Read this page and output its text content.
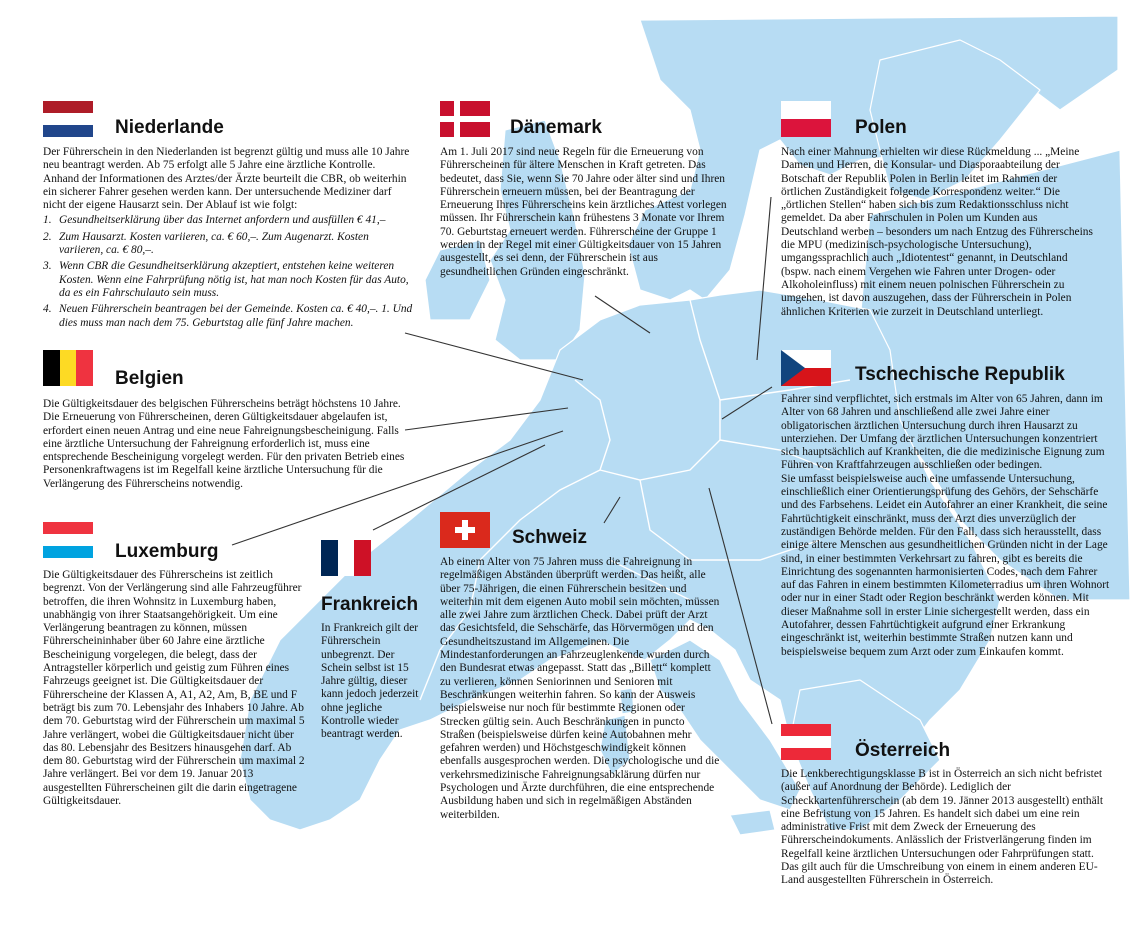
Niederlande

Der Führerschein in den Niederlanden ist begrenzt gültig und muss alle 10 Jahre neu beantragt werden. Ab 75 erfolgt alle 5 Jahre eine ärztliche Kontrolle. Anhand der Informationen des Arztes/der Ärzte beurteilt die CBR, ob weiterhin ein sicherer Fahrer gesehen werden kann. Der untersuchende Mediziner darf nicht der eigene Hausarzt sein. Der Ablauf ist wie folgt:

1. Gesundheitserklärung über das Internet anfordern und ausfüllen € 41,–
2. Zum Hausarzt. Kosten variieren, ca. € 60,–. Zum Augenarzt. Kosten variieren, ca. € 80,–.
3. Wenn CBR die Gesundheitserklärung akzeptiert, entstehen keine weiteren Kosten. Wenn eine Fahrprüfung nötig ist, hat man noch Kosten für das Auto, da es ein Fahrschulauto sein muss.
4. Neuen Führerschein beantragen bei der Gemeinde. Kosten ca. € 40,–. 1. Und dies muss man nach dem 75. Geburtstag alle fünf Jahre machen.
Belgien
Die Gültigkeitsdauer des belgischen Führerscheins beträgt höchstens 10 Jahre. Die Erneuerung von Führerscheinen, deren Gültigkeitsdauer abgelaufen ist, erfordert einen neuen Antrag und eine neue Fahreignungsbescheinigung. Falls eine ärztliche Untersuchung der Fahreignung erforderlich ist, muss eine entsprechende Bescheinigung vorgelegt werden. Für den privaten Betrieb eines Personenkraftwagens ist im Regelfall keine ärztliche Untersuchung für die Verlängerung des Führerscheins notwendig.
Luxemburg
Die Gültigkeitsdauer des Führerscheins ist zeitlich begrenzt. Von der Verlängerung sind alle Fahrzeugführer betroffen, die ihren Wohnsitz in Luxemburg haben, unabhängig von ihrer Staatsangehörigkeit. Um eine Verlängerung beantragen zu können, müssen Führerscheininhaber über 60 Jahre eine ärztliche Bescheinigung vorgelegen, die belegt, dass der Antragsteller körperlich und geistig zum Führen eines Fahrzeugs geeignet ist. Die Gültigkeitsdauer der Führerscheine der Klassen A, A1, A2, Am, B, BE und F beträgt bis zum 70. Lebensjahr des Inhabers 10 Jahre. Ab dem 70. Geburtstag wird der Führerschein um maximal 5 Jahre verlängert, wobei die Gültigkeitsdauer nicht über das 80. Lebensjahr des Besitzers hinausgehen darf. Ab dem 80. Geburtstag wird der Führerschein um maximal 2 Jahre verlängert. Bei vor dem 19. Januar 2013 ausgestellten Führerscheinen gilt die darin eingetragene Gültigkeitsdauer.
Frankreich
In Frankreich gilt der Führerschein unbegrenzt. Der Schein selbst ist 15 Jahre gültig, dieser kann jedoch jederzeit ohne jegliche Kontrolle wieder beantragt werden.
Dänemark
Am 1. Juli 2017 sind neue Regeln für die Erneuerung von Führerscheinen für ältere Menschen in Kraft getreten. Das bedeutet, dass Sie, wenn Sie 70 Jahre oder älter sind und Ihren Führerschein erneuern müssen, bei der Beantragung der Erneuerung Ihres Führerscheins kein ärztliches Attest vorlegen müssen. Ihr Führerschein kann frühestens 3 Monate vor Ihrem 70. Geburtstag erneuert werden. Führerscheine der Gruppe 1 werden in der Regel mit einer Gültigkeitsdauer von 15 Jahren ausgestellt, es sei denn, der Führerschein ist aus gesundheitlichen Gründen eingeschränkt.
Schweiz
Ab einem Alter von 75 Jahren muss die Fahreignung in regelmäßigen Abständen überprüft werden. Das heißt, alle über 75-Jährigen, die einen Führerschein besitzen und weiterhin mit dem eigenen Auto mobil sein möchten, müssen alle zwei Jahre zum ärztlichen Check. Dabei prüft der Arzt das Gesichtsfeld, die Sehschärfe, das Hörvermögen und den Gesundheitszustand im Allgemeinen. Die Mindestanforderungen an Fahrzeuglenkende wurden durch den Bundesrat etwas angepasst. Statt das „Billett“ komplett zu verlieren, können Seniorinnen und Senioren mit Beschränkungen weiterhin fahren. So kann der Ausweis beispielsweise nur noch für bestimmte Regionen oder Strecken gültig sein. Auch Beschränkungen in puncto Straßen (beispielsweise dürfen keine Autobahnen mehr gefahren werden) und Höchstgeschwindigkeit können ebenfalls ausgesprochen werden. Die psychologische und die verkehrsmedizinische Fahreignungsabklärung dürfen nur Psychologen und Ärzte durchführen, die eine entsprechende Ausbildung haben und sich in regelmäßigen Abständen weiterbilden.
Polen
Nach einer Mahnung erhielten wir diese Rückmeldung ... „Meine Damen und Herren, die Konsular- und Diasporaabteilung der Botschaft der Republik Polen in Berlin leitet im Rahmen der örtlichen Zuständigkeit folgende Korrespondenz weiter.“ Die „örtlichen Stellen“ haben sich bis zum Redaktionsschluss nicht gemeldet. Da aber Fahrschulen in Polen um Kunden aus Deutschland werben – besonders um nach Entzug des Führerscheins die MPU (medizinisch-psychologische Untersuchung), umgangssprachlich auch „Idiotentest“ genannt, in Deutschland (bspw. nach einem Vergehen wie Fahren unter Drogen- oder Alkoholeinfluss) mit einem neuen polnischen Führerschein zu umgehen, ist davon auszugehen, dass der Führerschein in Polen ähnlichen Kriterien wie zurzeit in Deutschland unterliegt.
Tschechische Republik

Fahrer sind verpflichtet, sich erstmals im Alter von 65 Jahren, dann im Alter von 68 Jahren und anschließend alle zwei Jahre einer obligatorischen ärztlichen Untersuchung durch ihren Hausarzt zu unterziehen. Der Umfang der ärztlichen Untersuchungen konzentriert sich hauptsächlich auf Krankheiten, die die medizinische Eignung zum Führen von Kraftfahrzeugen ausschließen oder bedingen.

Sie umfasst beispielsweise auch eine umfassende Untersuchung, einschließlich einer Orientierungsprüfung des Gehörs, der Sehschärfe und des Farbsehens. Leidet ein Autofahrer an einer Krankheit, die seine Fahrtüchtigkeit einschränkt, muss der Arzt dies unverzüglich der zuständigen Behörde melden. Für den Fall, dass sich herausstellt, dass einige ältere Menschen aus gesundheitlichen Gründen nicht in der Lage sind, in einer bestimmten Verkehrsart zu fahren, gibt es bereits die Einrichtung des sogenannten harmonisierten Codes, nach dem Fahrer auf das Fahren in einem bestimmten Kilometerradius um ihren Wohnort oder nur in einer Stadt oder Region beschränkt werden können. Mit dieser Maßnahme soll in erster Linie sichergestellt werden, dass ein Autofahrer, dessen Fahrtüchtigkeit aufgrund einer Erkrankung eingeschränkt ist, weiterhin bestimmte Straßen nutzen kann und beispielsweise bequem zum Arzt oder zum Einkaufen kommt.

Österreich
Die Lenkberechtigungsklasse B ist in Österreich an sich nicht befristet (außer auf Anordnung der Behörde). Lediglich der Scheckkartenführerschein (ab dem 19. Jänner 2013 ausgestellt) enthält eine Befristung von 15 Jahren. Es handelt sich dabei um eine rein administrative Frist mit dem Zweck der Erneuerung des Führerscheindokuments. Anlässlich der Fristverlängerung finden im Regelfall keine ärztlichen Untersuchungen oder Fahrprüfungen statt. Das gilt auch für die Umschreibung von einem in einem anderen EU-Land ausgestellten Führerschein in Österreich.
